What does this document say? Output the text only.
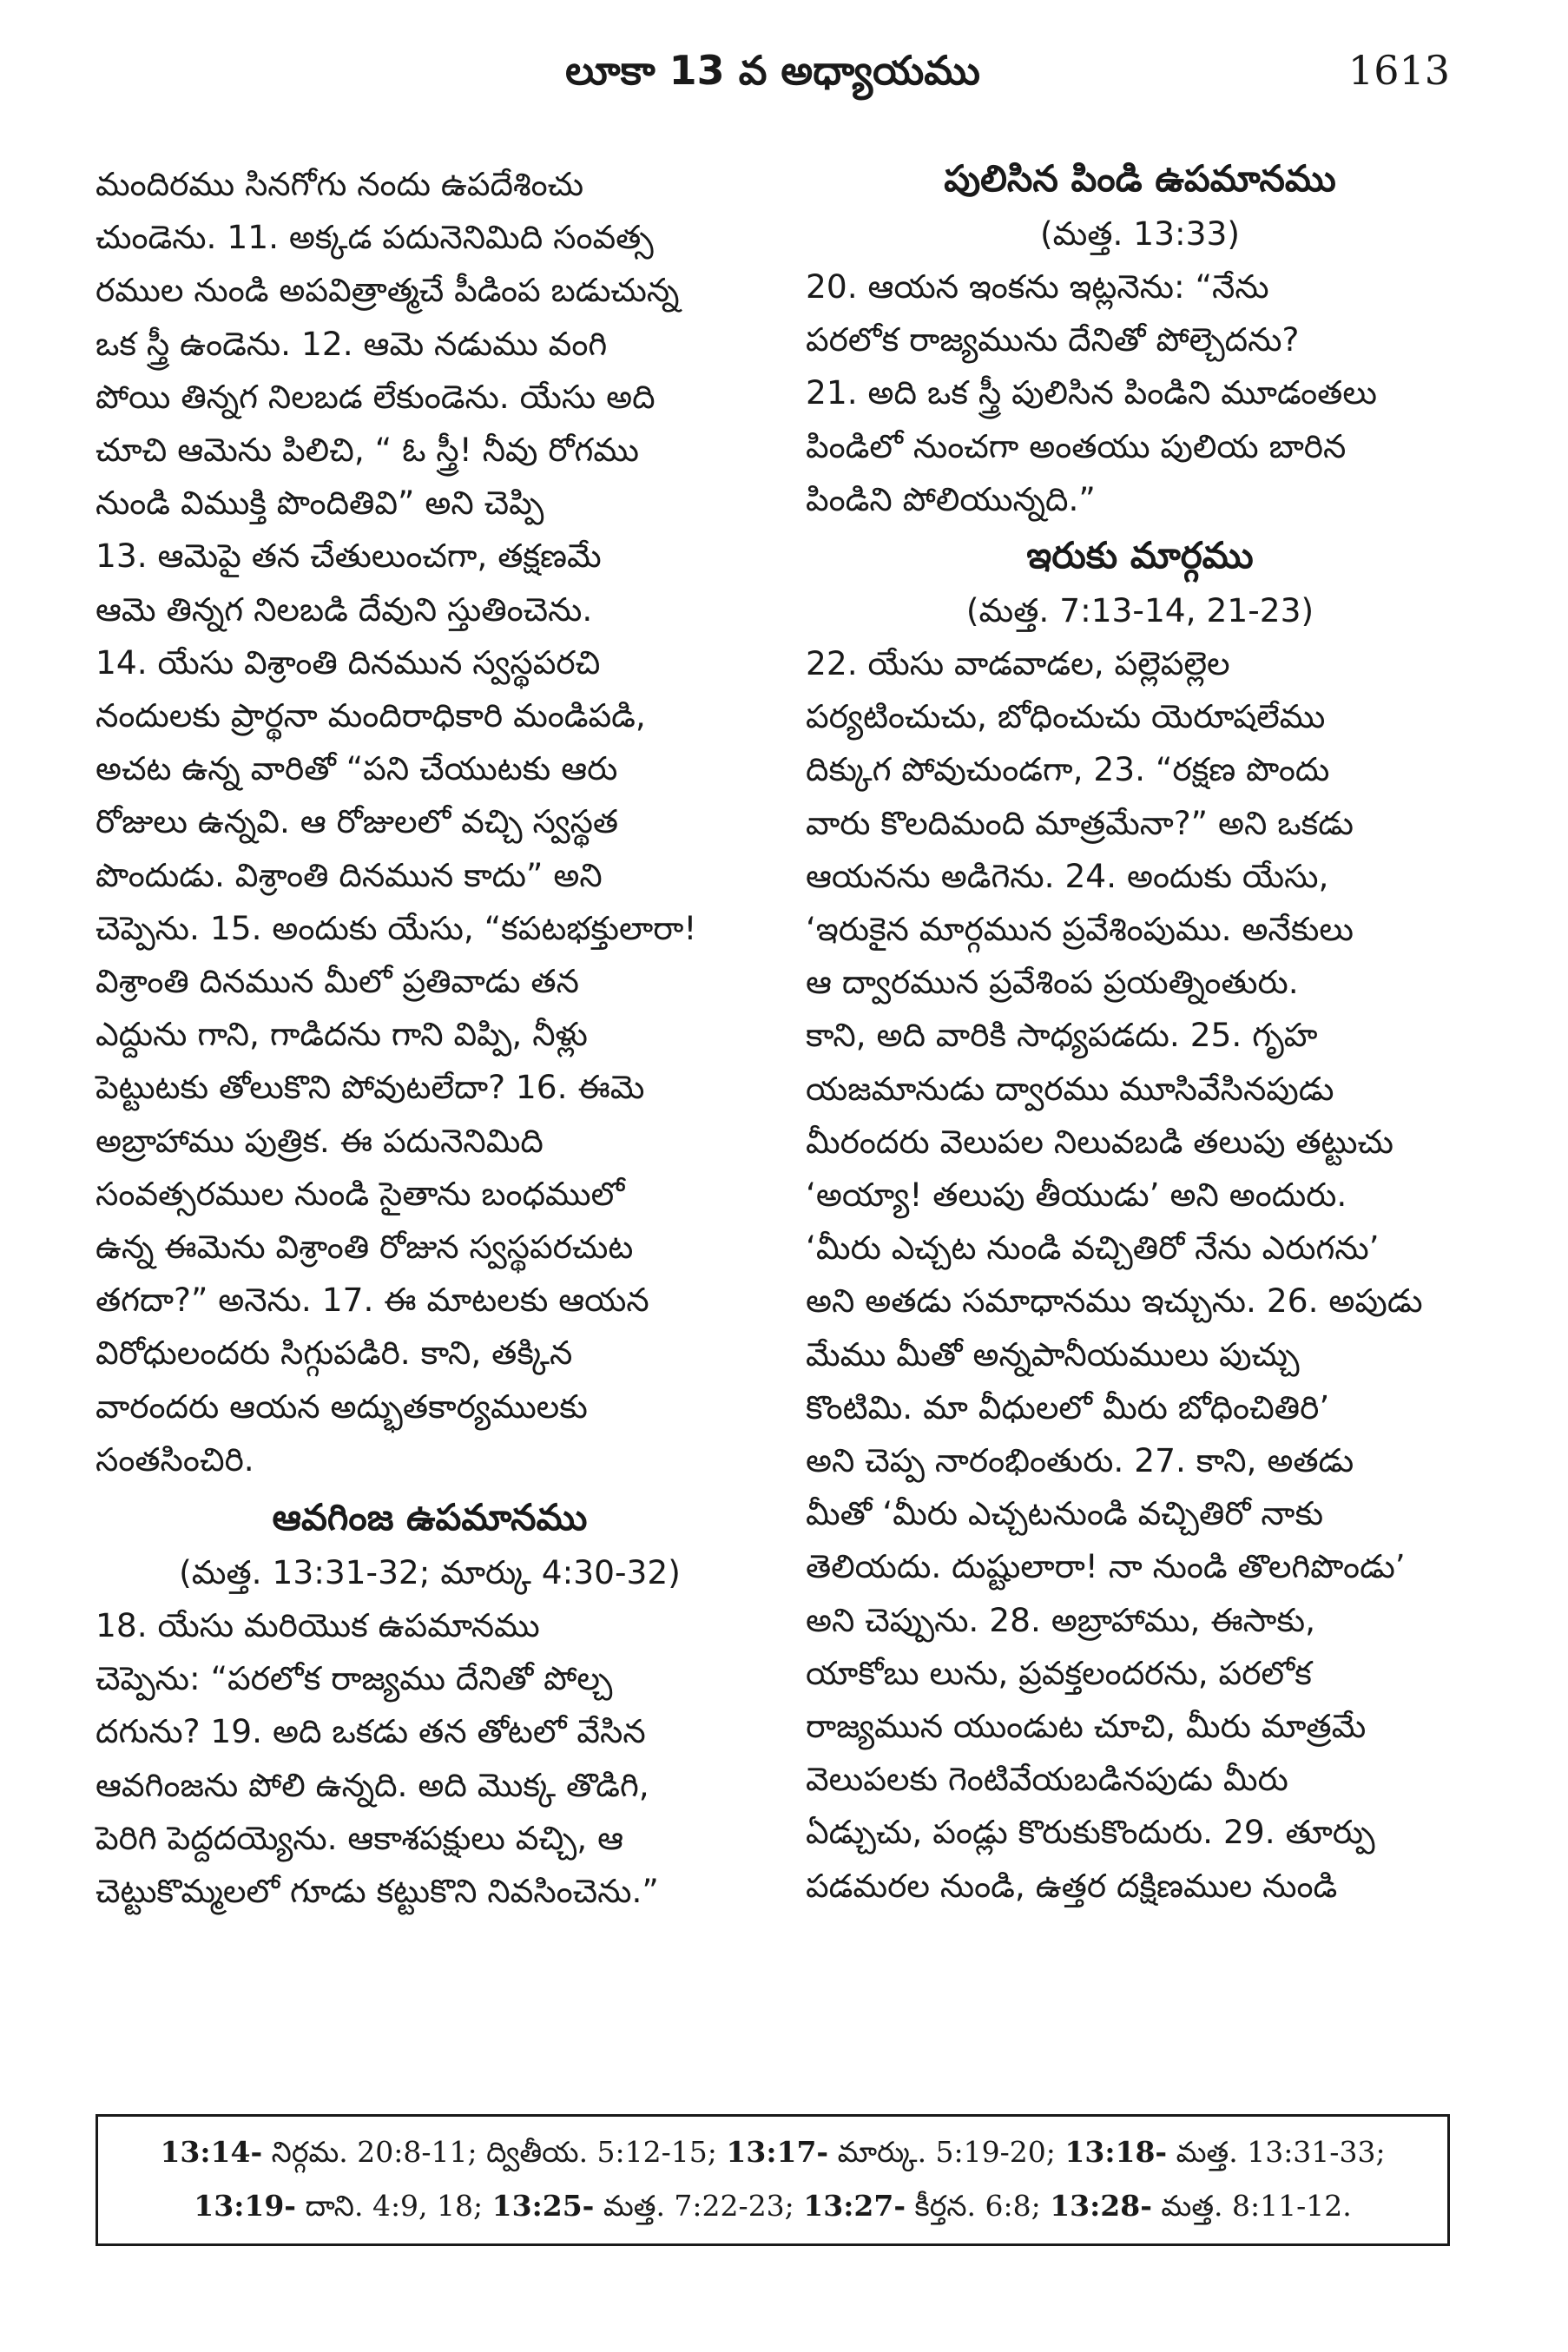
లూకా 13 వ అధ్యాయము	1613

మందిరము సినగోగు నందు ఉపదేశించు

చుండెను. 11. అక్కడ పదునెనిమిది సంవత్స

రముల నుండి అపవిత్రాత్మచే పీడింప బడుచున్న

ఒక స్త్రీ ఉండెను. 12. ఆమె నడుము వంగి

పోయి తిన్నగ నిలబడ లేకుండెను. యేసు అది

చూచి ఆమెను పిలిచి, “ ఓ స్త్రీ! నీవు రోగము

నుండి విముక్తి పొందితివి” అని చెప్పి

13. ఆమెపై తన చేతులుంచగా, తక్షణమే

ఆమె తిన్నగ నిలబడి దేవుని స్తుతించెను.

14. యేసు విశ్రాంతి దినమున స్వస్థపరచి

నందులకు ప్రార్థనా మందిరాధికారి మండిపడి,

అచట ఉన్న వారితో “పని చేయుటకు ఆరు

రోజులు ఉన్నవి. ఆ రోజులలో వచ్చి స్వస్థత

పొందుడు. విశ్రాంతి దినమున కాదు” అని

చెప్పెను. 15. అందుకు యేసు, “కపటభక్తులారా!

విశ్రాంతి దినమున మీలో ప్రతివాడు తన

ఎద్దును గాని, గాడిదను గాని విప్పి, నీళ్లు

పెట్టుటకు తోలుకొని పోవుటలేదా? 16. ఈమె

అబ్రాహాము పుత్రిక. ఈ పదునెనిమిది

సంవత్సరముల నుండి సైతాను బంధములో

ఉన్న ఈమెను విశ్రాంతి రోజున స్వస్థపరచుట

తగదా?” అనెను. 17. ఈ మాటలకు ఆయన

విరోధులందరు సిగ్గుపడిరి. కాని, తక్కిన

వారందరు ఆయన అద్భుతకార్యములకు

సంతసించిరి.

ఆవగింజ ఉపమానము

(మత్త. 13:31-32; మార్కు 4:30-32)

18. యేసు మరియొక ఉపమానము

చెప్పెను: “పరలోక రాజ్యము దేనితో పోల్చ

దగును? 19. అది ఒకడు తన తోటలో వేసిన

ఆవగింజను పోలి ఉన్నది. అది మొక్క తొడిగి,

పెరిగి పెద్దదయ్యెను. ఆకాశపక్షులు వచ్చి, ఆ

చెట్టుకొమ్మలలో గూడు కట్టుకొని నివసించెను.”

పులిసిన పిండి ఉపమానము

(మత్త. 13:33)

20. ఆయన ఇంకను ఇట్లనెను: “నేను

పరలోక రాజ్యమును దేనితో పోల్చెదను?

21. అది ఒక స్త్రీ పులిసిన పిండిని మూడంతలు

పిండిలో నుంచగా అంతయు పులియ బారిన

పిండిని పోలియున్నది.”

ఇరుకు మార్గము

(మత్త. 7:13-14, 21-23)

22. యేసు వాడవాడల, పల్లెపల్లెల

పర్యటించుచు, బోధించుచు యెరూషలేము

దిక్కుగ పోవుచుండగా, 23. “రక్షణ పొందు

వారు కొలదిమంది మాత్రమేనా?” అని ఒకడు

ఆయనను అడిగెను. 24. అందుకు యేసు,

‘ఇరుకైన మార్గమున ప్రవేశింపుము. అనేకులు

ఆ ద్వారమున ప్రవేశింప ప్రయత్నింతురు.

కాని, అది వారికి సాధ్యపడదు. 25. గృహ

యజమానుడు ద్వారము మూసివేసినపుడు

మీరందరు వెలుపల నిలువబడి తలుపు తట్టుచు

‘అయ్యా! తలుపు తీయుడు’ అని అందురు.

‘మీరు ఎచ్చట నుండి వచ్చితిరో నేను ఎరుగను’

అని అతడు సమాధానము ఇచ్చును. 26. అపుడు

మేము మీతో అన్నపానీయములు పుచ్చు

కొంటిమి. మా వీధులలో మీరు బోధించితిరి’

అని చెప్ప నారంభింతురు. 27. కాని, అతడు

మీతో ‘మీరు ఎచ్చటనుండి వచ్చితిరో నాకు

తెలియదు. దుష్టులారా! నా నుండి తొలగిపొండు’

అని చెప్పును. 28. అబ్రాహాము, ఈసాకు,

యాకోబు లును, ప్రవక్తలందరను, పరలోక

రాజ్యమున యుండుట చూచి, మీరు మాత్రమే

వెలుపలకు గెంటివేయబడినపుడు మీరు

ఏడ్చుచు, పండ్లు కొరుకుకొందురు. 29. తూర్పు

పడమరల నుండి, ఉత్తర దక్షిణముల నుండి

13:14- నిర్గమ. 20:8-11; ద్వితీయ. 5:12-15; 13:17- మార్కు. 5:19-20; 13:18- మత్త. 13:31-33;

13:19- దాని. 4:9, 18; 13:25- మత్త. 7:22-23; 13:27- కీర్తన. 6:8; 13:28- మత్త. 8:11-12.
